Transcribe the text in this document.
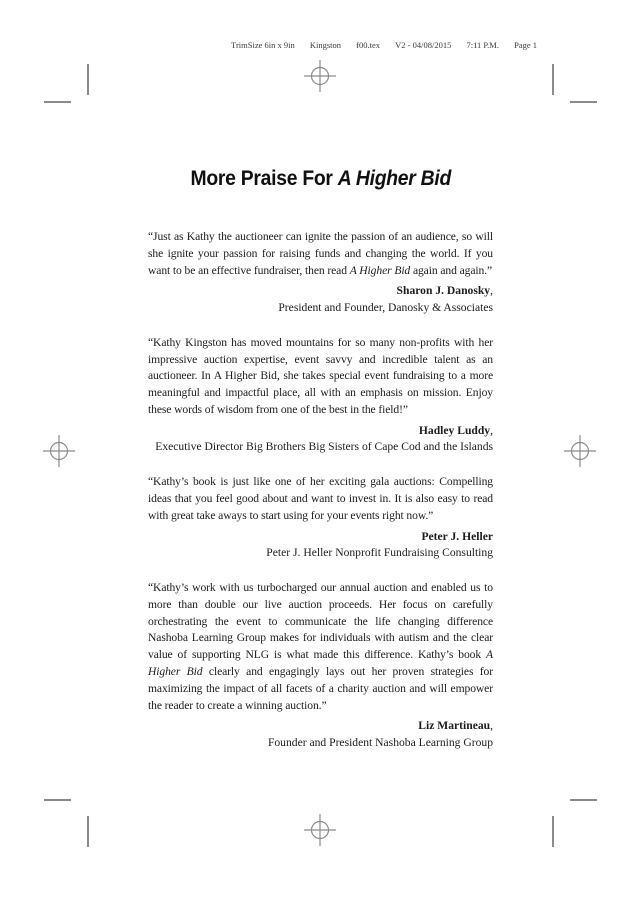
TrimSize 6in x 9in Kingston f00.tex V2 - 04/08/2015 7:11 P.M. Page 1
More Praise For A Higher Bid

“Just as Kathy the auctioneer can ignite the passion of an audience, so will she ignite your passion for raising funds and changing the world. If you want to be an effective fundraiser, then read A Higher Bid again and again.”

Sharon J. Danosky,
President and Founder, Danosky & Associates

“Kathy Kingston has moved mountains for so many non-profits with her impressive auction expertise, event savvy and incredible talent as an auctioneer. In A Higher Bid, she takes special event fundraising to a more meaningful and impactful place, all with an emphasis on mission. Enjoy these words of wisdom from one of the best in the field!”

Hadley Luddy,
Executive Director Big Brothers Big Sisters of Cape Cod and the Islands

“Kathy’s book is just like one of her exciting gala auctions: Compelling ideas that you feel good about and want to invest in. It is also easy to read with great take aways to start using for your events right now.”

Peter J. Heller
Peter J. Heller Nonprofit Fundraising Consulting

“Kathy’s work with us turbocharged our annual auction and enabled us to more than double our live auction proceeds. Her focus on carefully orchestrating the event to communicate the life changing difference Nashoba Learning Group makes for individuals with autism and the clear value of supporting NLG is what made this difference. Kathy’s book A Higher Bid clearly and engagingly lays out her proven strategies for maximizing the impact of all facets of a charity auction and will empower the reader to create a winning auction.”

Liz Martineau,
Founder and President Nashoba Learning Group
